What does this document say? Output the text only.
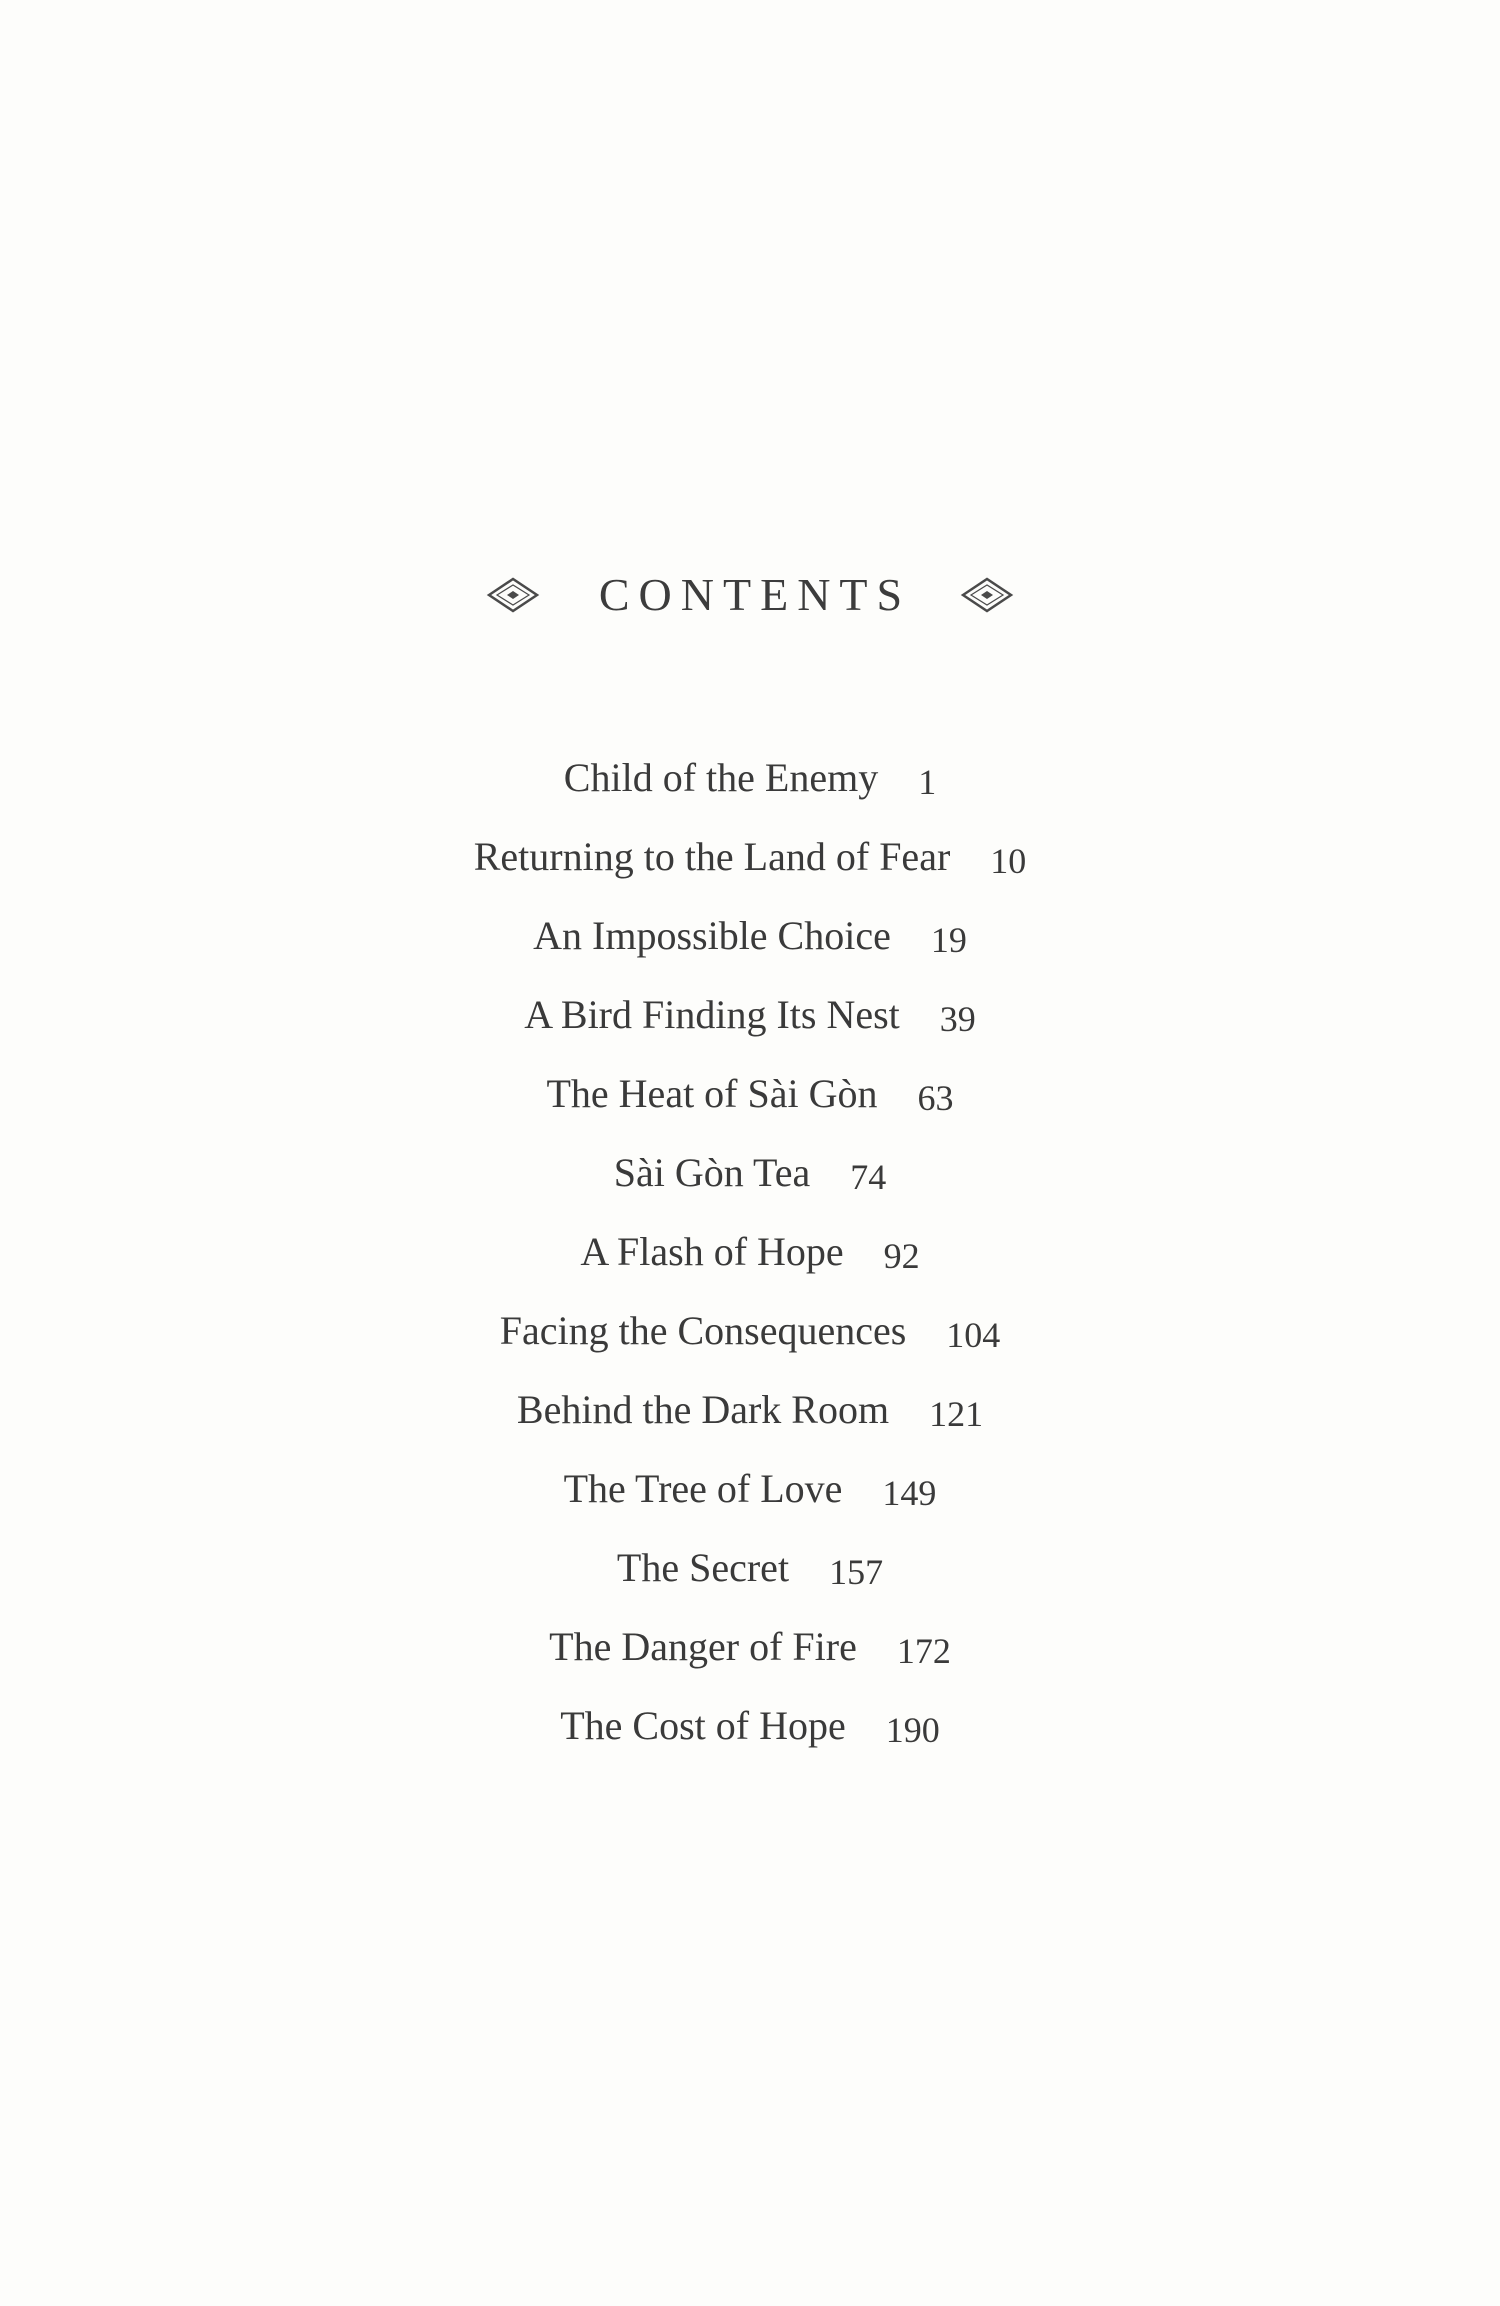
CONTENTS
Child of the Enemy 1
Returning to the Land of Fear 10
An Impossible Choice 19
A Bird Finding Its Nest 39
The Heat of Sài Gòn 63
Sài Gòn Tea 74
A Flash of Hope 92
Facing the Consequences 104
Behind the Dark Room 121
The Tree of Love 149
The Secret 157
The Danger of Fire 172
The Cost of Hope 190
